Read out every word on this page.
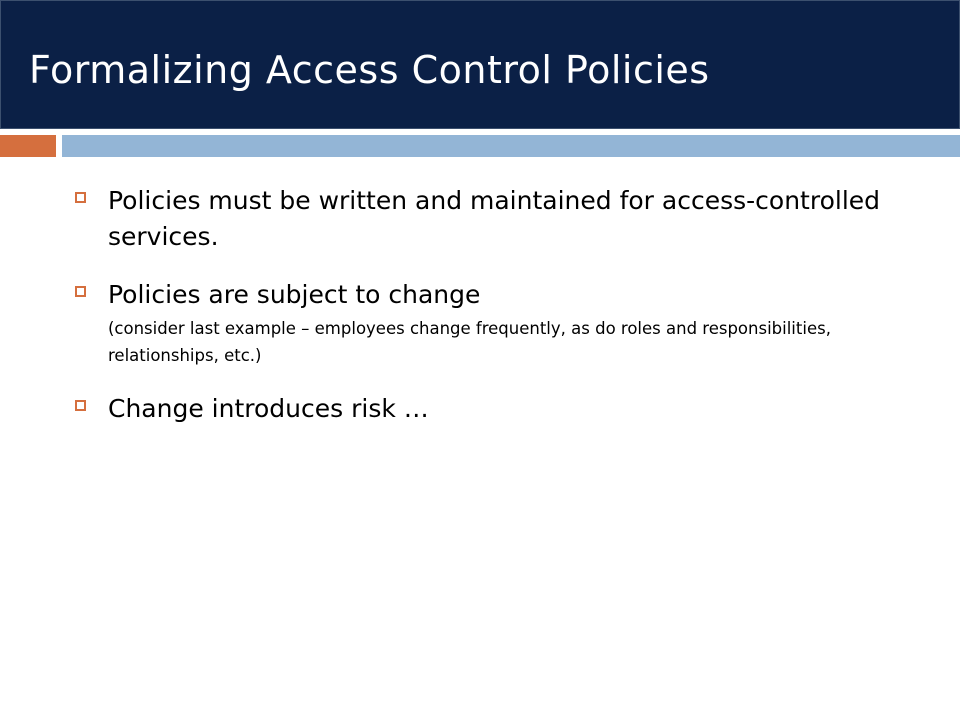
Formalizing Access Control Policies
Policies must be written and maintained for access-controlled services.
Policies are subject to change
(consider last example – employees change frequently, as do roles and responsibilities, relationships, etc.)
Change introduces risk …
